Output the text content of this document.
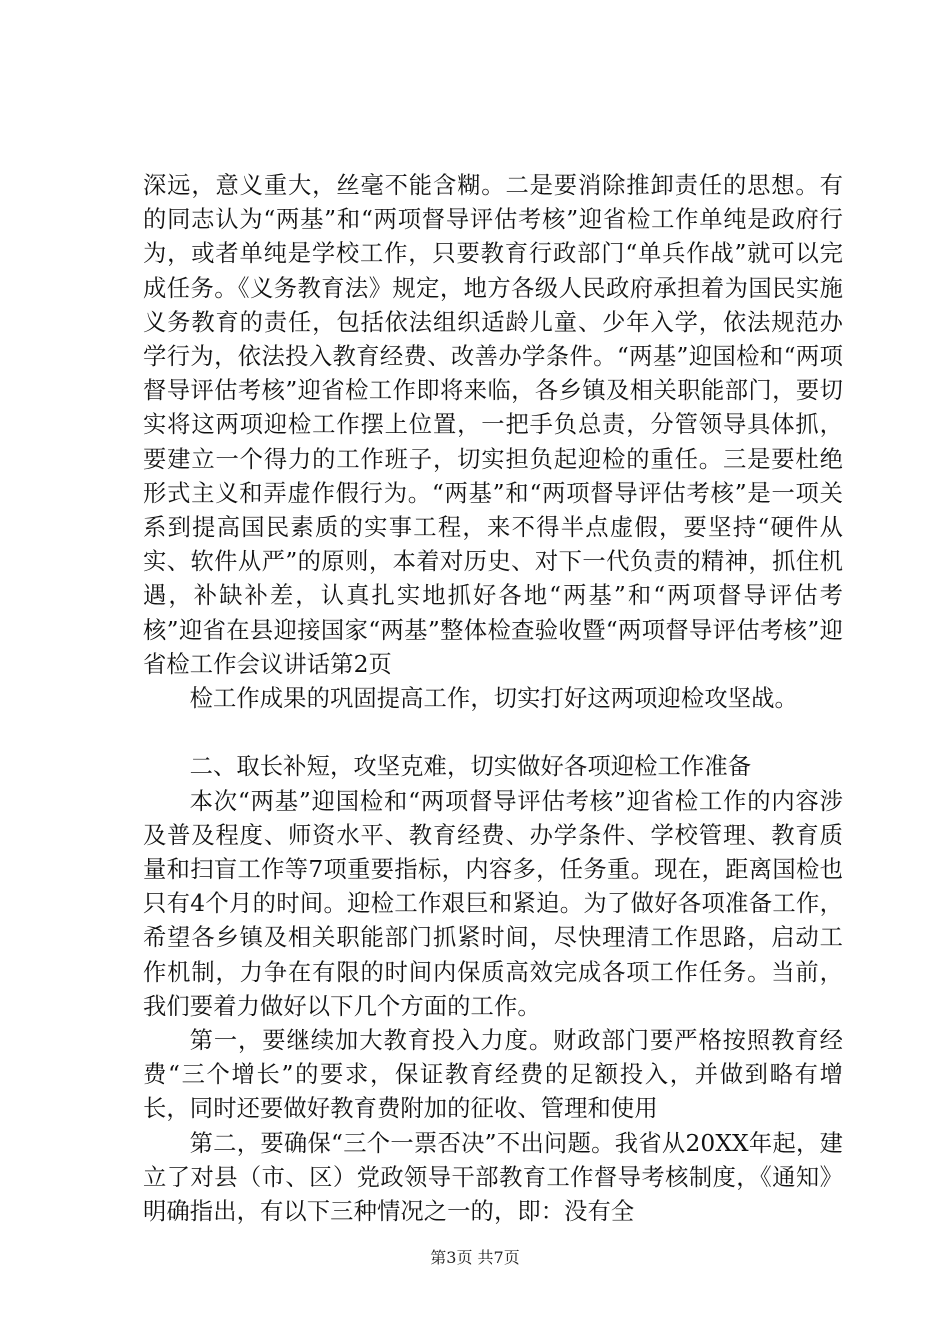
深远，意义重大，丝毫不能含糊。二是要消除推卸责任的思想。有的同志认为“两基”和“两项督导评估考核”迎省检工作单纯是政府行为，或者单纯是学校工作，只要教育行政部门“单兵作战”就可以完成任务。《义务教育法》规定，地方各级人民政府承担着为国民实施义务教育的责任，包括依法组织适龄儿童、少年入学，依法规范办学行为，依法投入教育经费、改善办学条件。“两基”迎国检和“两项督导评估考核”迎省检工作即将来临，各乡镇及相关职能部门，要切实将这两项迎检工作摆上位置，一把手负总责，分管领导具体抓，要建立一个得力的工作班子，切实担负起迎检的重任。三是要杜绝形式主义和弄虚作假行为。“两基”和“两项督导评估考核”是一项关系到提高国民素质的实事工程，来不得半点虚假，要坚持“硬件从实、软件从严”的原则，本着对历史、对下一代负责的精神，抓住机遇，补缺补差，认真扎实地抓好各地“两基”和“两项督导评估考核”迎省在县迎接国家“两基”整体检查验收暨“两项督导评估考核”迎省检工作会议讲话第2页

检工作成果的巩固提高工作，切实打好这两项迎检攻坚战。

二、取长补短，攻坚克难，切实做好各项迎检工作准备

本次“两基”迎国检和“两项督导评估考核”迎省检工作的内容涉及普及程度、师资水平、教育经费、办学条件、学校管理、教育质量和扫盲工作等7项重要指标，内容多，任务重。现在，距离国检也只有4个月的时间。迎检工作艰巨和紧迫。为了做好各项准备工作，希望各乡镇及相关职能部门抓紧时间，尽快理清工作思路，启动工作机制，力争在有限的时间内保质高效完成各项工作任务。当前，我们要着力做好以下几个方面的工作。

第一，要继续加大教育投入力度。财政部门要严格按照教育经费“三个增长”的要求，保证教育经费的足额投入，并做到略有增长，同时还要做好教育费附加的征收、管理和使用

第二，要确保“三个一票否决”不出问题。我省从20XX年起，建立了对县（市、区）党政领导干部教育工作督导考核制度，《通知》明确指出，有以下三种情况之一的，即：没有全

第3页 共7页
